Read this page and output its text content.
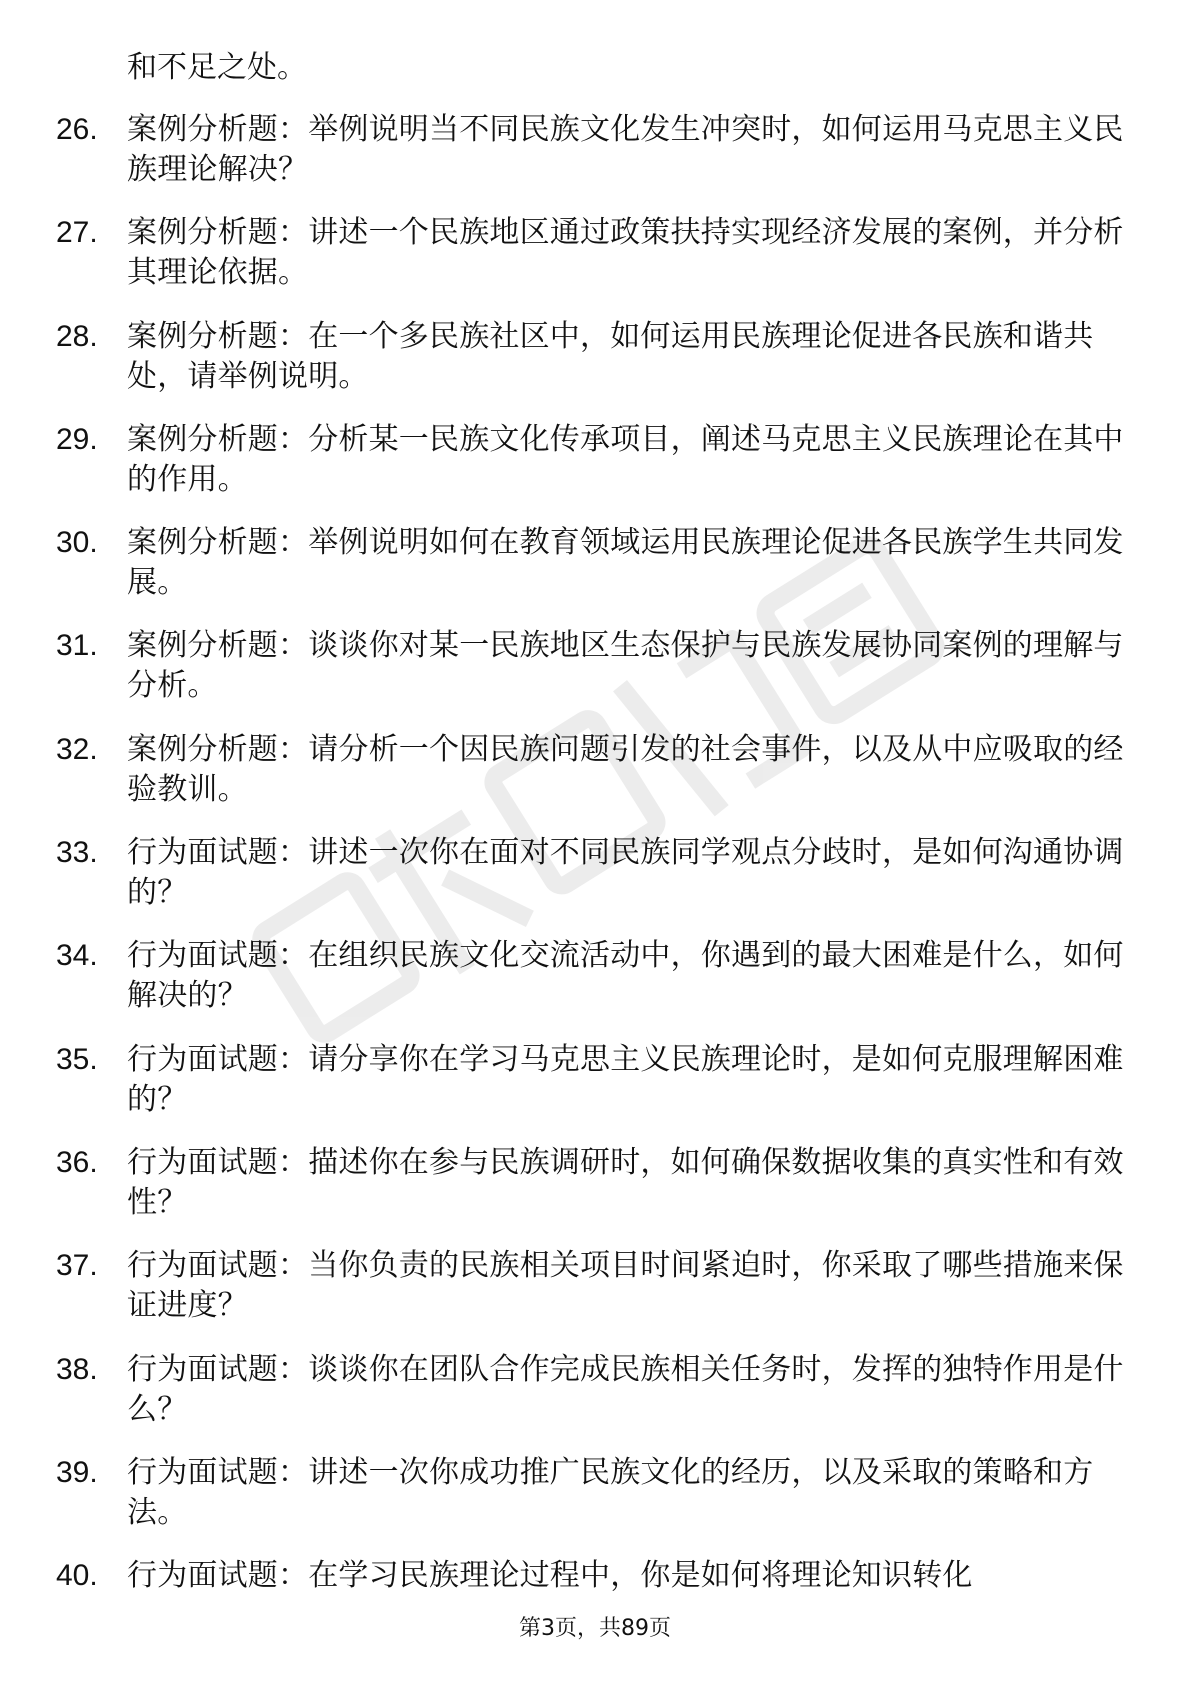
和不足之处。
26. 案例分析题：举例说明当不同民族文化发生冲突时，如何运用马克思主义民族理论解决？
27. 案例分析题：讲述一个民族地区通过政策扶持实现经济发展的案例，并分析其理论依据。
28. 案例分析题：在一个多民族社区中，如何运用民族理论促进各民族和谐共处，请举例说明。
29. 案例分析题：分析某一民族文化传承项目，阐述马克思主义民族理论在其中的作用。
30. 案例分析题：举例说明如何在教育领域运用民族理论促进各民族学生共同发展。
31. 案例分析题：谈谈你对某一民族地区生态保护与民族发展协同案例的理解与分析。
32. 案例分析题：请分析一个因民族问题引发的社会事件，以及从中应吸取的经验教训。
33. 行为面试题：讲述一次你在面对不同民族同学观点分歧时，是如何沟通协调的？
34. 行为面试题：在组织民族文化交流活动中，你遇到的最大困难是什么，如何解决的？
35. 行为面试题：请分享你在学习马克思主义民族理论时，是如何克服理解困难的？
36. 行为面试题：描述你在参与民族调研时，如何确保数据收集的真实性和有效性？
37. 行为面试题：当你负责的民族相关项目时间紧迫时，你采取了哪些措施来保证进度？
38. 行为面试题：谈谈你在团队合作完成民族相关任务时，发挥的独特作用是什么？
39. 行为面试题：讲述一次你成功推广民族文化的经历，以及采取的策略和方法。
40. 行为面试题：在学习民族理论过程中，你是如何将理论知识转化
第3页，共89页
